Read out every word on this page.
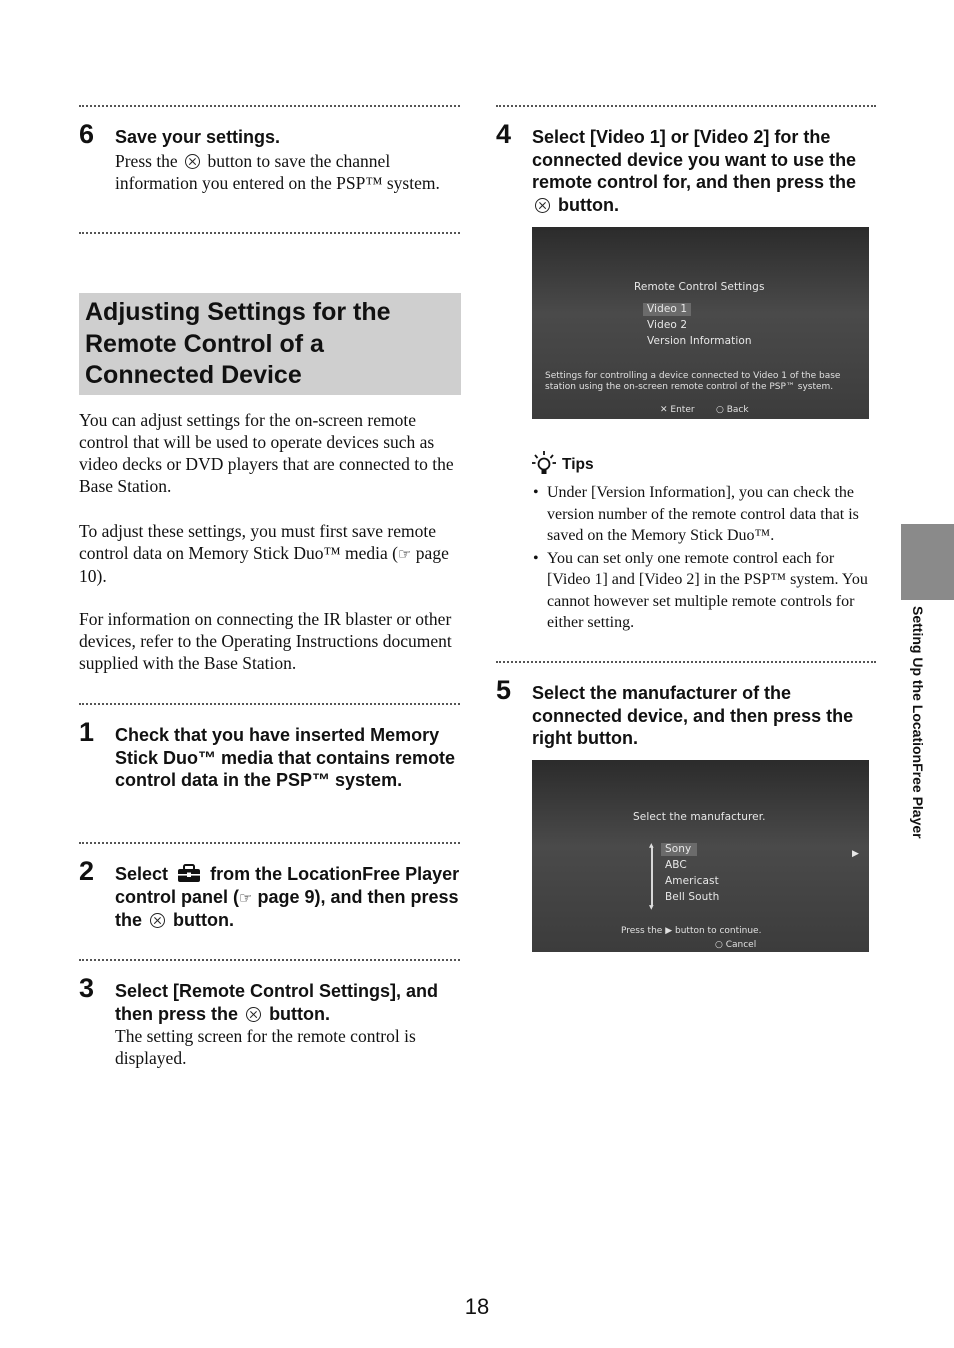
6 Save your settings.
Press the button to save the channel information you entered on the PSP™ system.
Adjusting Settings for the
Remote Control of a
Connected Device
You can adjust settings for the on-screen remote control that will be used to operate devices such as video decks or DVD players that are connected to the Base Station.
To adjust these settings, you must first save remote control data on Memory Stick Duo™ media (☞ page 10).
For information on connecting the IR blaster or other devices, refer to the Operating Instructions document supplied with the Base Station.
1 Check that you have inserted Memory Stick Duo™ media that contains remote control data in the PSP™ system.
2 Select from the LocationFree Player control panel (☞ page 9), and then press the button.
3 Select [Remote Control Settings], and then press the button.
The setting screen for the remote control is displayed.
4 Select [Video 1] or [Video 2] for the connected device you want to use the remote control for, and then press the  button.
Remote Control Settings
Video 1
Video 2
Version Information
Settings for controlling a device connected to Video 1 of the base station using the on-screen remote control of the PSP™ system.
✕ Enter ○ Back
Tips
• Under [Version Information], you can check the version number of the remote control data that is saved on the Memory Stick Duo™.
• You can set only one remote control each for [Video 1] and [Video 2] in the PSP™ system. You cannot however set multiple remote controls for either setting.
5 Select the manufacturer of the connected device, and then press the right button.
Select the manufacturer.
▲
▼
Sony
ABC
Americast
Bell South
▶
Press the ▶ button to continue.
○ Cancel
Setting Up the LocationFree Player
18
